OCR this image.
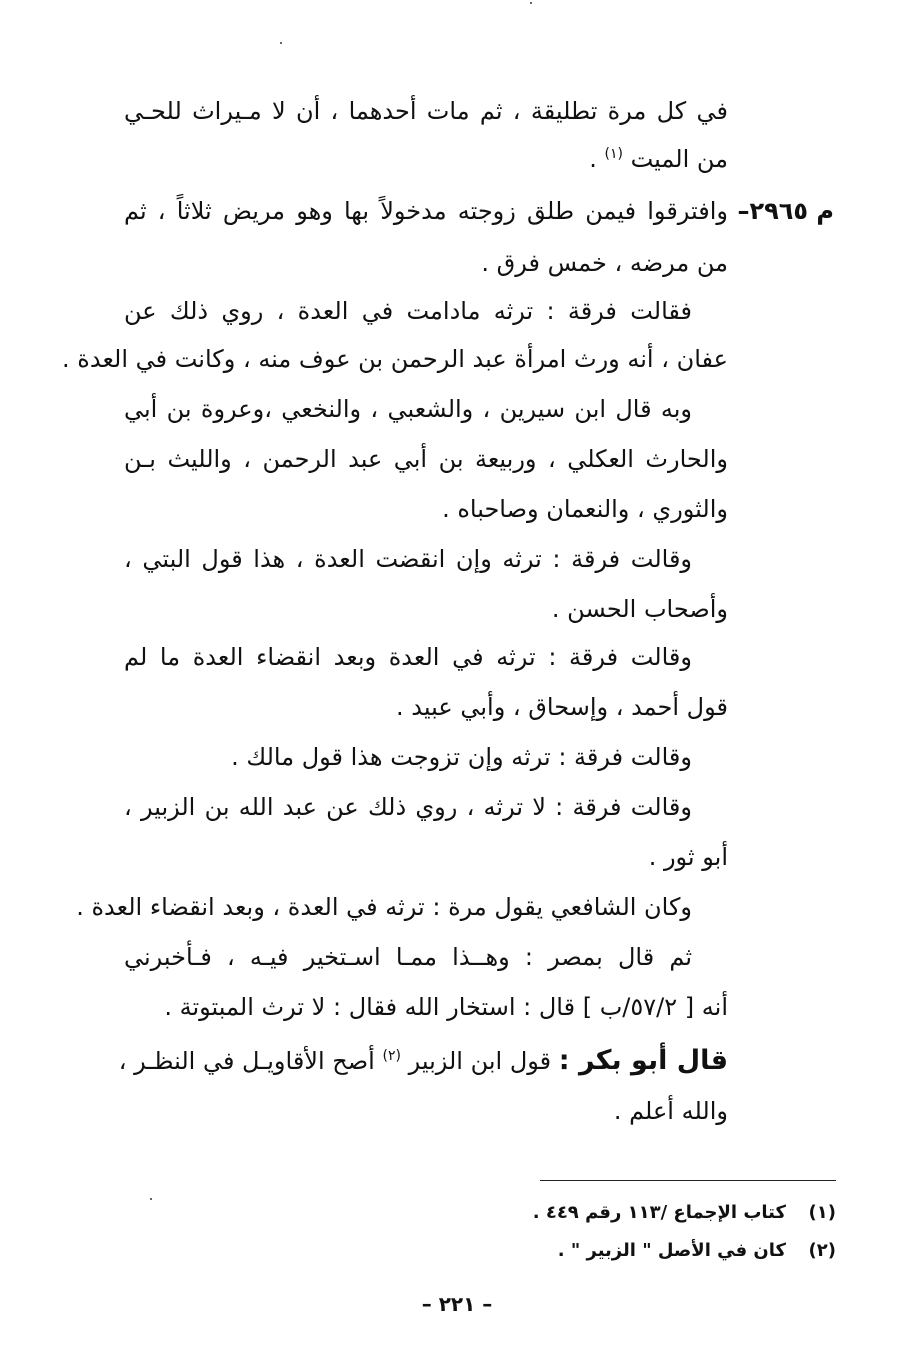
في كل مرة تطليقة ، ثم مات أحدهما ، أن لا مـيراث للحـي
من الميت $^{(١)}$ .
م ٢٩٦٥–
وافترقوا فيمن طلق زوجته مدخولاً بها وهو مريض ثلاثاً ، ثم
من مرضه ، خمس فرق .
فقالت فرقة : ترثه مادامت في العدة ، روي ذلك عن
عفان ، أنه ورث امرأة عبد الرحمن بن عوف منه ، وكانت في العدة .
وبه قال ابن سيرين ، والشعبي ، والنخعي ،وعروة بن أبي
والحارث العكلي ، وربيعة بن أبي عبد الرحمن ، والليث بـن
والثوري ، والنعمان وصاحباه .
وقالت فرقة : ترثه وإن انقضت العدة ، هذا قول البتي ،
وأصحاب الحسن .
وقالت فرقة : ترثه في العدة وبعد انقضاء العدة ما لم
قول أحمد ، وإسحاق ، وأبي عبيد .
وقالت فرقة : ترثه وإن تزوجت هذا قول مالك .
وقالت فرقة : لا ترثه ، روي ذلك عن عبد الله بن الزبير ،
أبو ثور .
وكان الشافعي يقول مرة : ترثه في العدة ، وبعد انقضاء العدة .
ثم قال بمصر : وهــذا ممـا اسـتخير فيـه ، فـأخبرني
أنه [ ٥٧/٢/ب ] قال : استخار الله فقال : لا ترث المبتوتة .
قال أبو بكر : قول ابن الزبير $^{(٢)}$ أصح الأقاويـل في النظـر ،
والله أعلم .
(١)
كتاب الإجماع /١١٣ رقم ٤٤٩ .
(٢)
كان في الأصل " الزبير " .
– ٢٢١ –
